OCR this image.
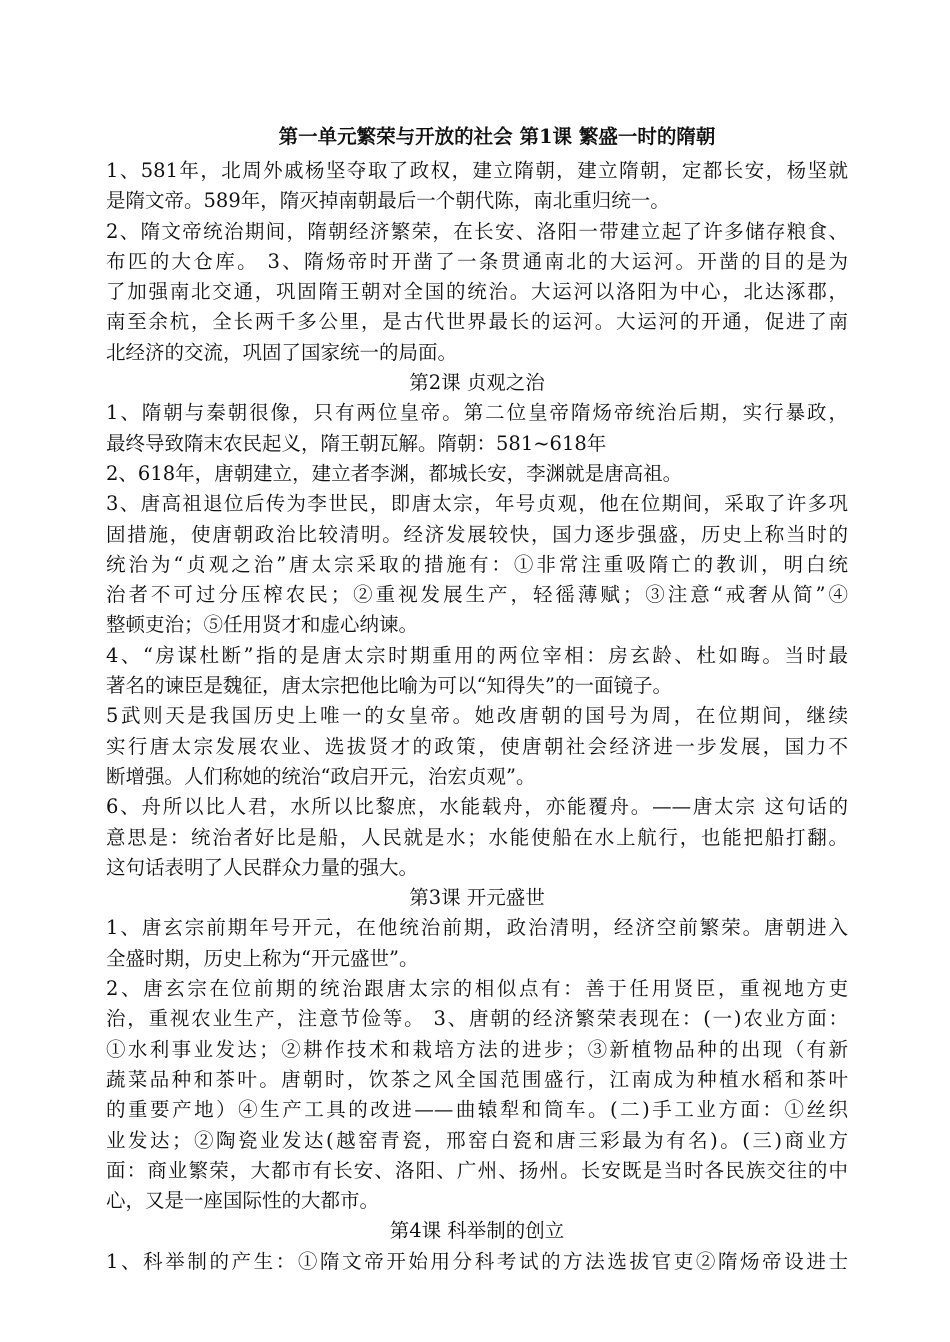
第一单元繁荣与开放的社会 第1课 繁盛一时的隋朝
1、581年，北周外戚杨坚夺取了政权，建立隋朝，建立隋朝，定都长安，杨坚就
是隋文帝。589年，隋灭掉南朝最后一个朝代陈，南北重归统一。
2、隋文帝统治期间，隋朝经济繁荣，在长安、洛阳一带建立起了许多储存粮食、
布匹的大仓库。 3、隋炀帝时开凿了一条贯通南北的大运河。开凿的目的是为
了加强南北交通，巩固隋王朝对全国的统治。大运河以洛阳为中心，北达涿郡，
南至余杭，全长两千多公里，是古代世界最长的运河。大运河的开通，促进了南
北经济的交流，巩固了国家统一的局面。
第2课 贞观之治
1、隋朝与秦朝很像，只有两位皇帝。第二位皇帝隋炀帝统治后期，实行暴政，
最终导致隋末农民起义，隋王朝瓦解。隋朝：581~618年
2、618年，唐朝建立，建立者李渊，都城长安，李渊就是唐高祖。
3、唐高祖退位后传为李世民，即唐太宗，年号贞观，他在位期间，采取了许多巩
固措施，使唐朝政治比较清明。经济发展较快，国力逐步强盛，历史上称当时的
统治为“贞观之治”唐太宗采取的措施有：①非常注重吸隋亡的教训，明白统
治者不可过分压榨农民；②重视发展生产，轻徭薄赋；③注意“戒奢从简”④
整顿吏治；⑤任用贤才和虚心纳谏。
4、“房谋杜断”指的是唐太宗时期重用的两位宰相：房玄龄、杜如晦。当时最
著名的谏臣是魏征，唐太宗把他比喻为可以“知得失”的一面镜子。
5武则天是我国历史上唯一的女皇帝。她改唐朝的国号为周，在位期间，继续
实行唐太宗发展农业、选拔贤才的政策，使唐朝社会经济进一步发展，国力不
断增强。人们称她的统治“政启开元，治宏贞观”。
6、舟所以比人君，水所以比黎庶，水能载舟，亦能覆舟。——唐太宗 这句话的
意思是：统治者好比是船，人民就是水；水能使船在水上航行，也能把船打翻。
这句话表明了人民群众力量的强大。
第3课 开元盛世
1、唐玄宗前期年号开元，在他统治前期，政治清明，经济空前繁荣。唐朝进入
全盛时期，历史上称为“开元盛世”。
2、唐玄宗在位前期的统治跟唐太宗的相似点有：善于任用贤臣，重视地方吏
治，重视农业生产，注意节俭等。 3、唐朝的经济繁荣表现在：(一)农业方面：
①水利事业发达；②耕作技术和栽培方法的进步；③新植物品种的出现（有新
蔬菜品种和茶叶。唐朝时，饮茶之风全国范围盛行，江南成为种植水稻和茶叶
的重要产地）④生产工具的改进——曲辕犁和筒车。(二)手工业方面：①丝织
业发达；②陶瓷业发达(越窑青瓷，邢窑白瓷和唐三彩最为有名)。(三)商业方
面：商业繁荣，大都市有长安、洛阳、广州、扬州。长安既是当时各民族交往的中
心，又是一座国际性的大都市。
第4课 科举制的创立
1、科举制的产生：①隋文帝开始用分科考试的方法选拔官吏②隋炀帝设进士
